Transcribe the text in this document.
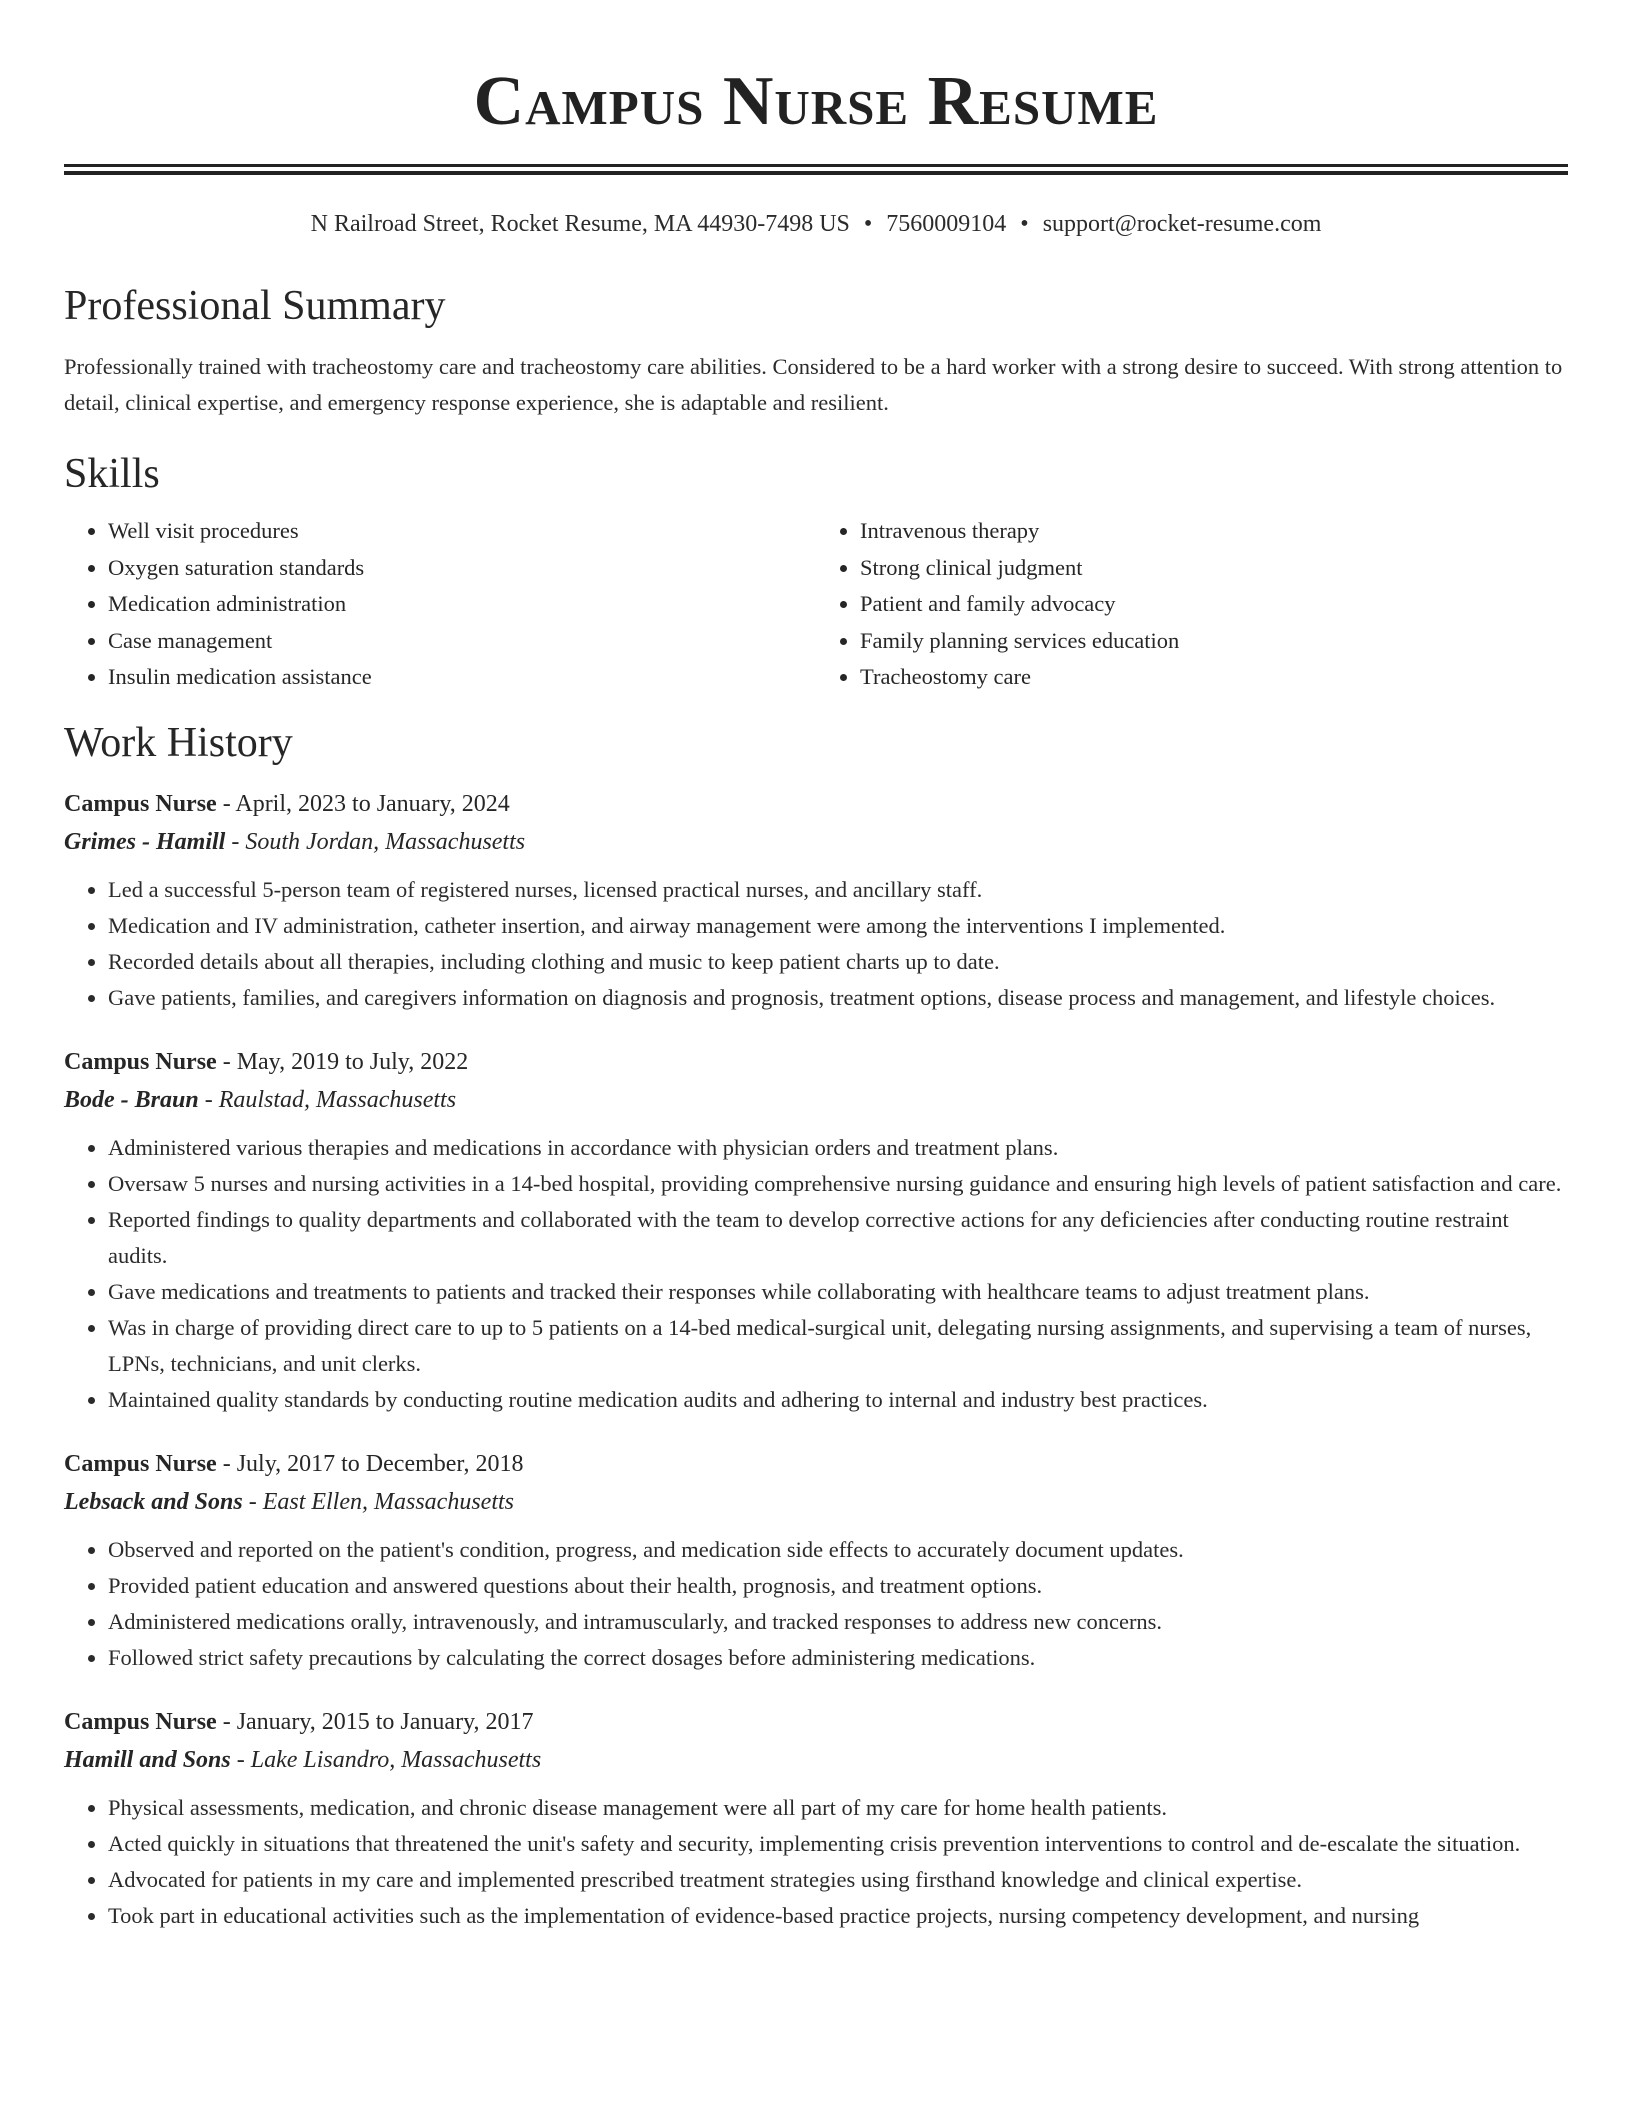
Campus Nurse Resume
N Railroad Street, Rocket Resume, MA 44930-7498 US • 7560009104 • support@rocket-resume.com
Professional Summary

Professionally trained with tracheostomy care and tracheostomy care abilities. Considered to be a hard worker with a strong desire to succeed. With strong attention to detail, clinical expertise, and emergency response experience, she is adaptable and resilient.

Skills
• Well visit procedures
• Oxygen saturation standards
• Medication administration
• Case management
• Insulin medication assistance
• Intravenous therapy
• Strong clinical judgment
• Patient and family advocacy
• Family planning services education
• Tracheostomy care
Work History
Campus Nurse - April, 2023 to January, 2024
Grimes - Hamill - South Jordan, Massachusetts
• Led a successful 5-person team of registered nurses, licensed practical nurses, and ancillary staff.
• Medication and IV administration, catheter insertion, and airway management were among the interventions I implemented.
• Recorded details about all therapies, including clothing and music to keep patient charts up to date.
• Gave patients, families, and caregivers information on diagnosis and prognosis, treatment options, disease process and management, and lifestyle choices.
Campus Nurse - May, 2019 to July, 2022
Bode - Braun - Raulstad, Massachusetts
• Administered various therapies and medications in accordance with physician orders and treatment plans.
• Oversaw 5 nurses and nursing activities in a 14-bed hospital, providing comprehensive nursing guidance and ensuring high levels of patient satisfaction and care.
• Reported findings to quality departments and collaborated with the team to develop corrective actions for any deficiencies after conducting routine restraint audits.
• Gave medications and treatments to patients and tracked their responses while collaborating with healthcare teams to adjust treatment plans.
• Was in charge of providing direct care to up to 5 patients on a 14-bed medical-surgical unit, delegating nursing assignments, and supervising a team of nurses, LPNs, technicians, and unit clerks.
• Maintained quality standards by conducting routine medication audits and adhering to internal and industry best practices.
Campus Nurse - July, 2017 to December, 2018
Lebsack and Sons - East Ellen, Massachusetts
• Observed and reported on the patient's condition, progress, and medication side effects to accurately document updates.
• Provided patient education and answered questions about their health, prognosis, and treatment options.
• Administered medications orally, intravenously, and intramuscularly, and tracked responses to address new concerns.
• Followed strict safety precautions by calculating the correct dosages before administering medications.
Campus Nurse - January, 2015 to January, 2017
Hamill and Sons - Lake Lisandro, Massachusetts
• Physical assessments, medication, and chronic disease management were all part of my care for home health patients.
• Acted quickly in situations that threatened the unit's safety and security, implementing crisis prevention interventions to control and de-escalate the situation.
• Advocated for patients in my care and implemented prescribed treatment strategies using firsthand knowledge and clinical expertise.
• Took part in educational activities such as the implementation of evidence-based practice projects, nursing competency development, and nursing
